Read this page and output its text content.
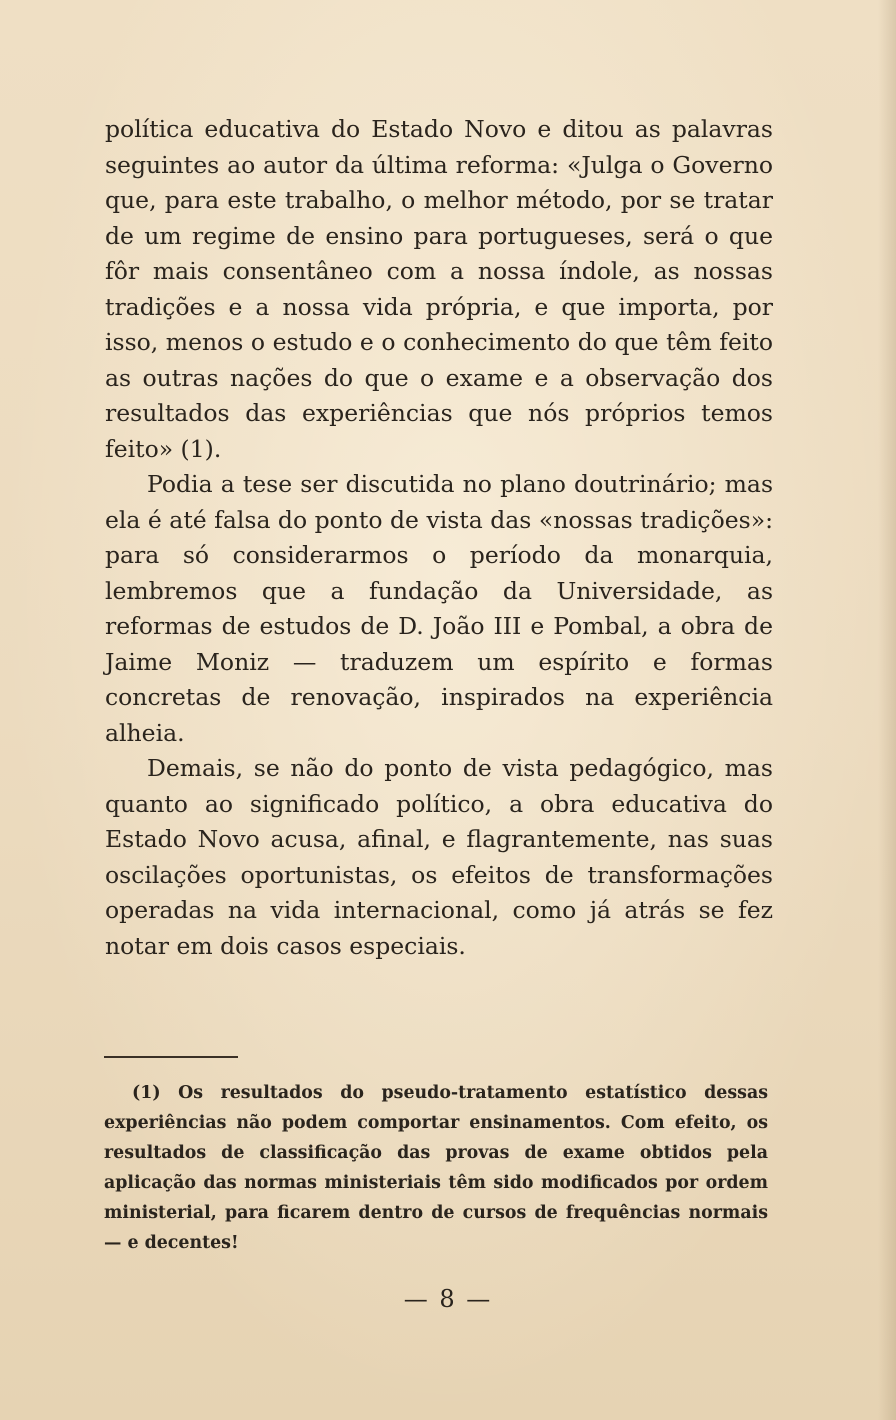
política educativa do Estado Novo e ditou as palavras seguintes ao autor da última reforma: «Julga o Governo que, para este trabalho, o melhor método, por se tratar de um regime de ensino para portugueses, será o que fôr mais consentâneo com a nossa índole, as nossas tradições e a nossa vida própria, e que importa, por isso, menos o estudo e o conhecimento do que têm feito as outras nações do que o exame e a observação dos resultados das experiências que nós próprios temos feito» (1).

Podia a tese ser discutida no plano doutrinário; mas ela é até falsa do ponto de vista das «nossas tradições»: para só considerarmos o período da monarquia, lembremos que a fundação da Universidade, as reformas de estudos de D. João III e Pombal, a obra de Jaime Moniz — traduzem um espírito e formas concretas de renovação, inspirados na experiência alheia.

Demais, se não do ponto de vista pedagógico, mas quanto ao significado político, a obra educativa do Estado Novo acusa, afinal, e flagrantemente, nas suas oscilações oportunistas, os efeitos de transformações operadas na vida internacional, como já atrás se fez notar em dois casos especiais.

(1) Os resultados do pseudo-tratamento estatístico dessas experiências não podem comportar ensinamentos. Com efeito, os resultados de classificação das provas de exame obtidos pela aplicação das normas ministeriais têm sido modificados por ordem ministerial, para ficarem dentro de cursos de frequências normais — e decentes!

— 8 —
